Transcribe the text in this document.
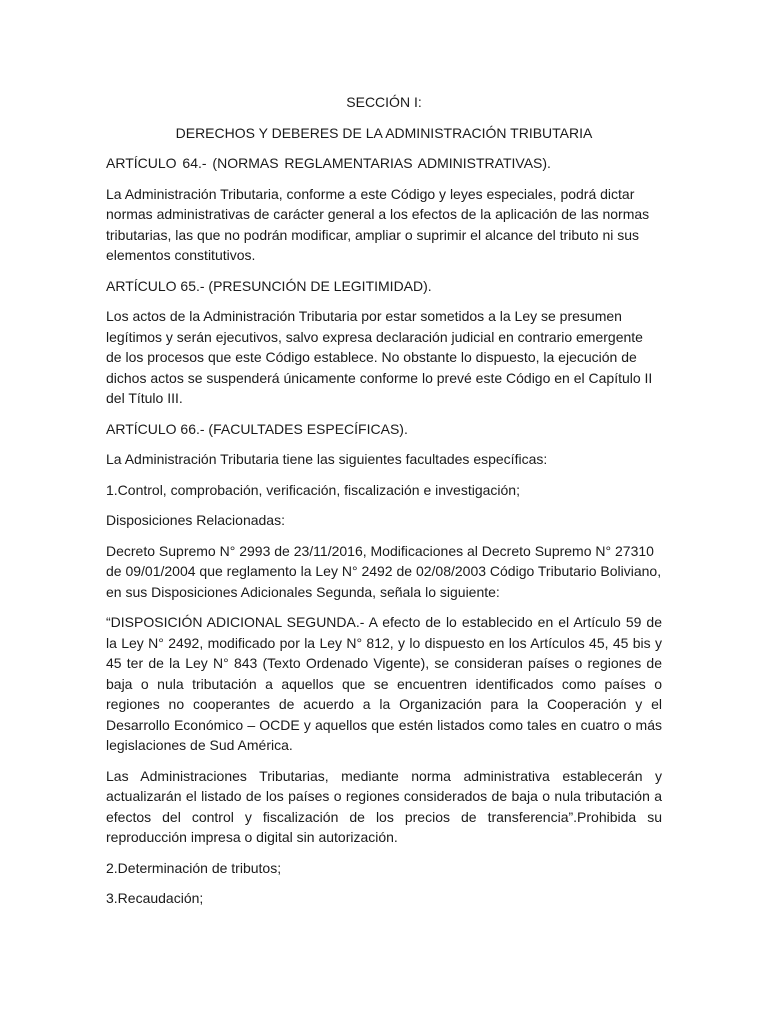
SECCIÓN I:

DERECHOS Y DEBERES DE LA ADMINISTRACIÓN TRIBUTARIA

ARTÍCULO 64.- (NORMAS REGLAMENTARIAS ADMINISTRATIVAS).

La Administración Tributaria, conforme a este Código y leyes especiales, podrá dictar normas administrativas de carácter general a los efectos de la aplicación de las normas tributarias, las que no podrán modificar, ampliar o suprimir el alcance del tributo ni sus elementos constitutivos.

ARTÍCULO 65.- (PRESUNCIÓN DE LEGITIMIDAD).

Los actos de la Administración Tributaria por estar sometidos a la Ley se presumen legítimos y serán ejecutivos, salvo expresa declaración judicial en contrario emergente de los procesos que este Código establece. No obstante lo dispuesto, la ejecución de dichos actos se suspenderá únicamente conforme lo prevé este Código en el Capítulo II del Título III.

ARTÍCULO 66.- (FACULTADES ESPECÍFICAS).

La Administración Tributaria tiene las siguientes facultades específicas:

1.Control, comprobación, verificación, fiscalización e investigación;

Disposiciones Relacionadas:

Decreto Supremo N° 2993 de 23/11/2016, Modificaciones al Decreto Supremo N° 27310 de 09/01/2004 que reglamento la Ley N° 2492 de 02/08/2003 Código Tributario Boliviano, en sus Disposiciones Adicionales Segunda, señala lo siguiente:

“DISPOSICIÓN ADICIONAL SEGUNDA.- A efecto de lo establecido en el Artículo 59 de la Ley N° 2492, modificado por la Ley N° 812, y lo dispuesto en los Artículos 45, 45 bis y 45 ter de la Ley N° 843 (Texto Ordenado Vigente), se consideran países o regiones de baja o nula tributación a aquellos que se encuentren identificados como países o regiones no cooperantes de acuerdo a la Organización para la Cooperación y el Desarrollo Económico – OCDE y aquellos que estén listados como tales en cuatro o más legislaciones de Sud América.

Las Administraciones Tributarias, mediante norma administrativa establecerán y actualizarán el listado de los países o regiones considerados de baja o nula tributación a efectos del control y fiscalización de los precios de transferencia”.Prohibida su reproducción impresa o digital sin autorización.

2.Determinación de tributos;

3.Recaudación;
